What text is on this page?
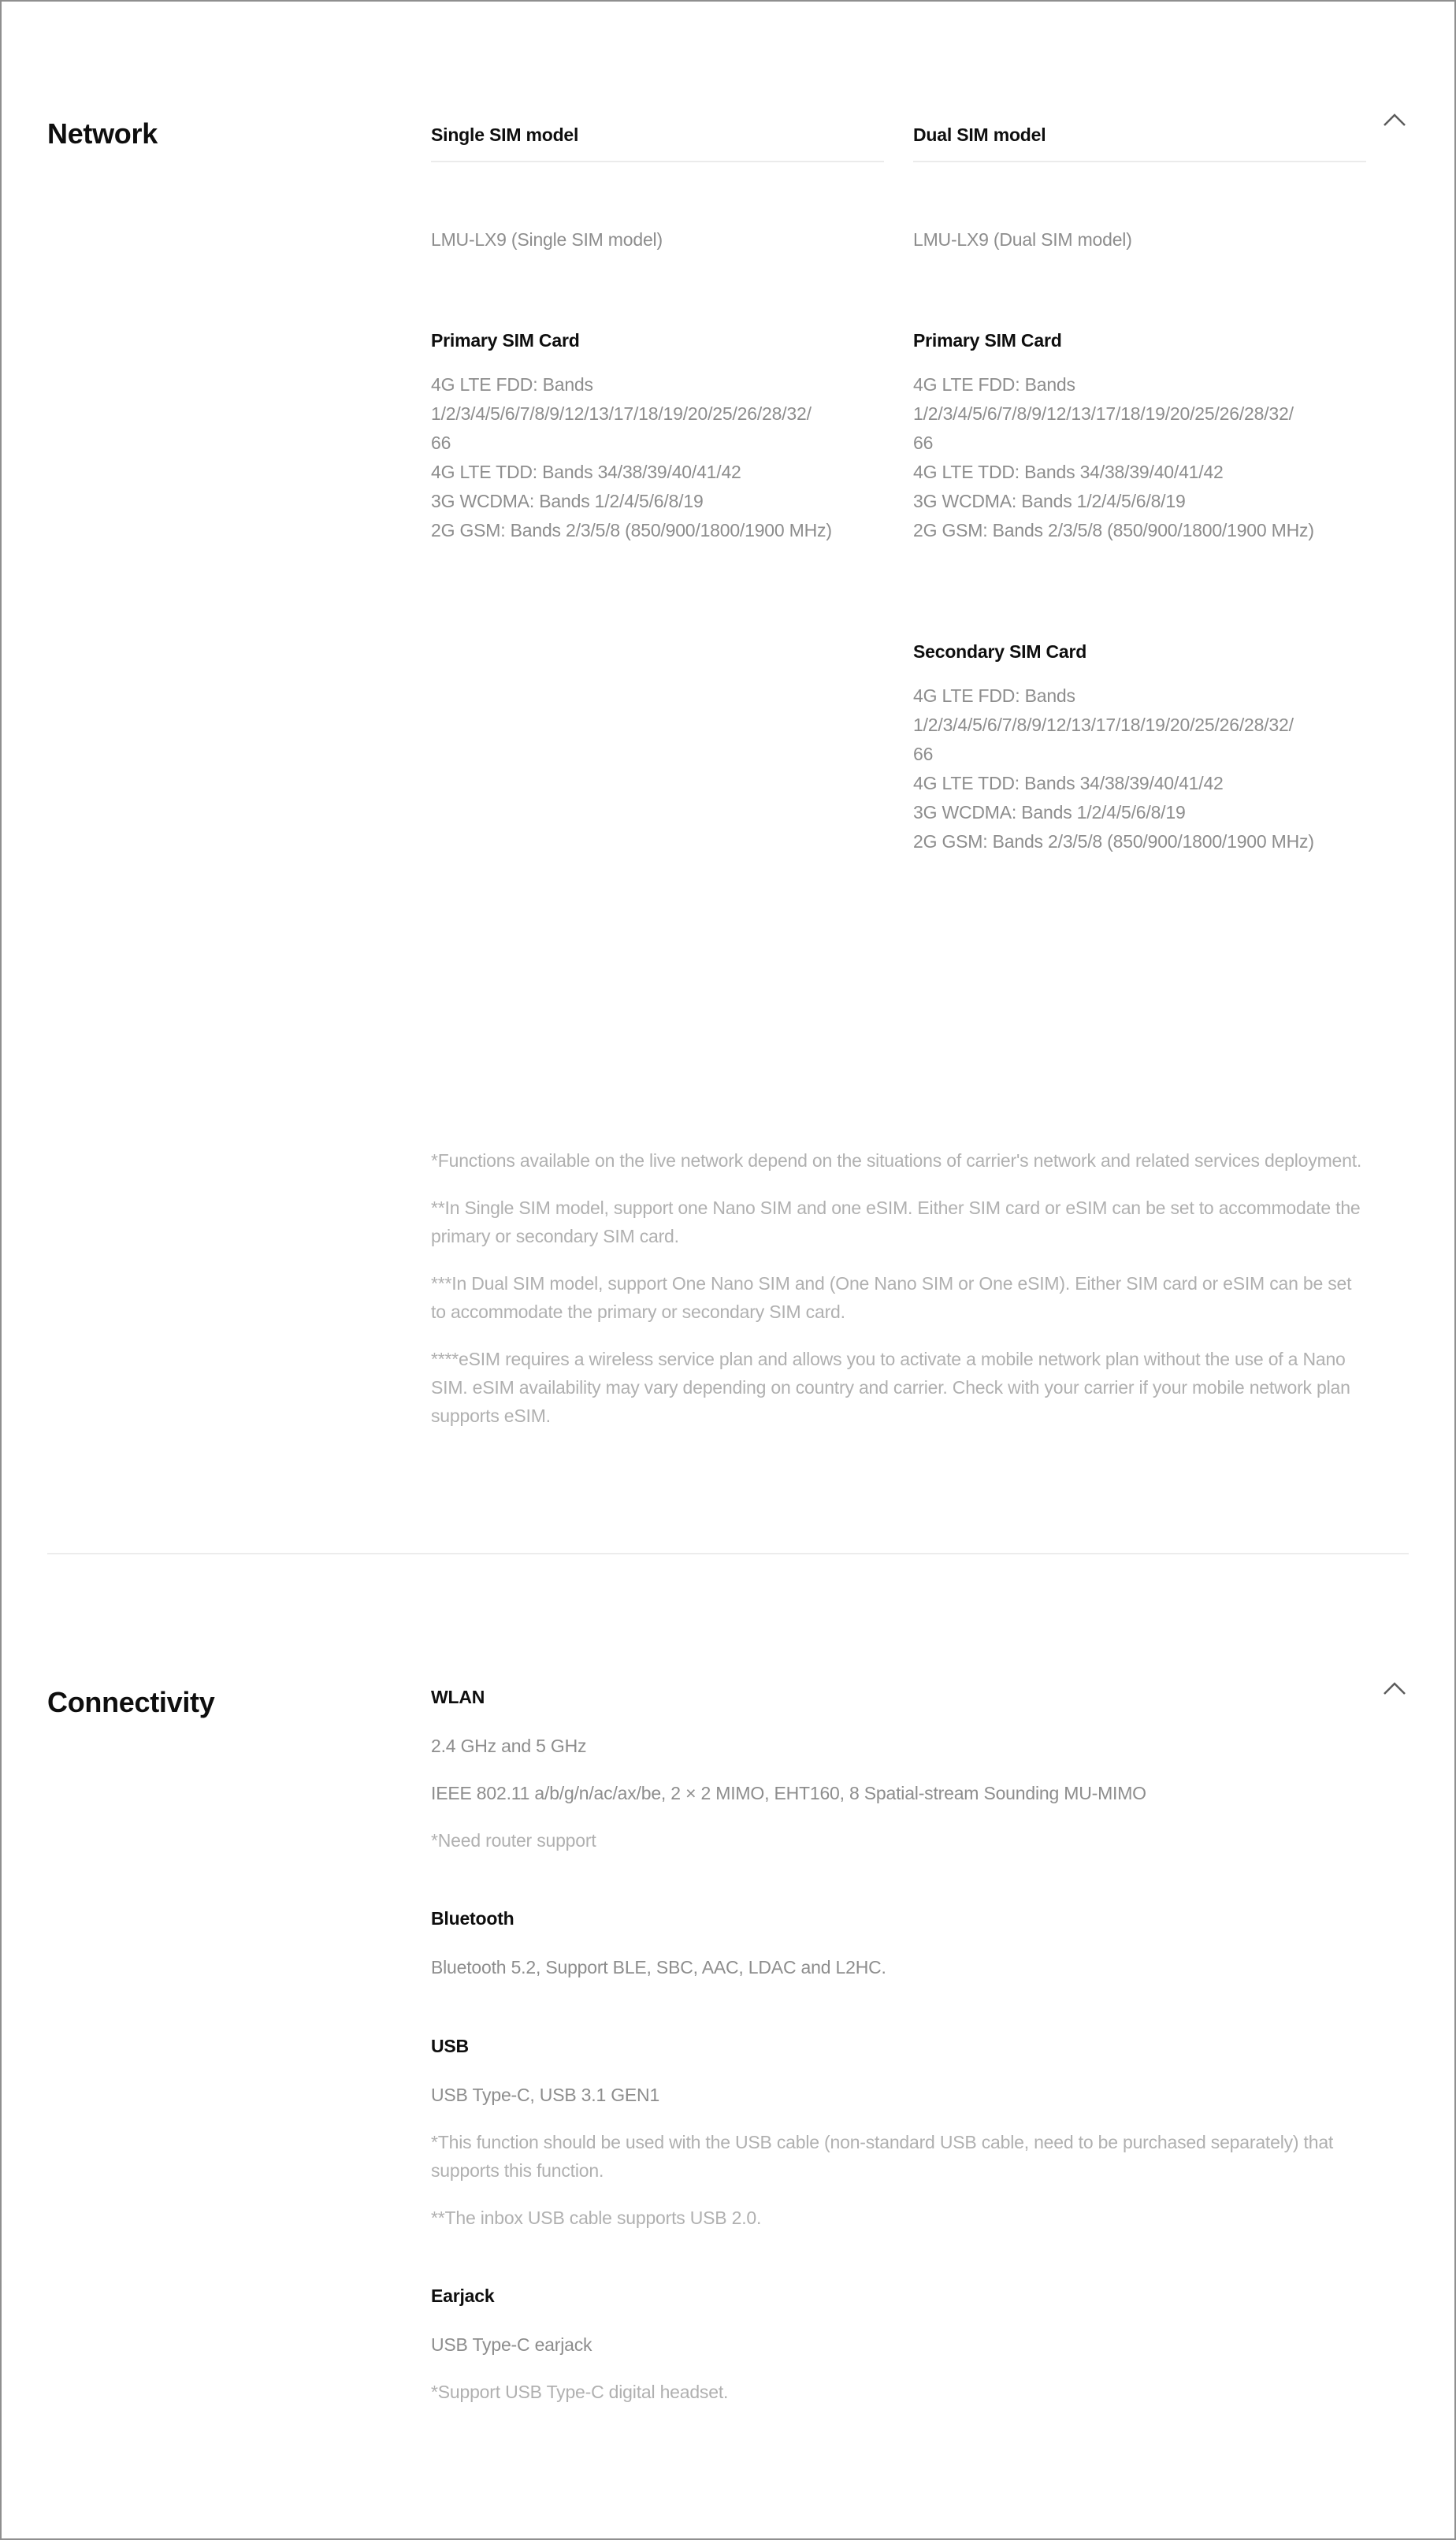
Network	Single SIM model

LMU-LX9 (Single SIM model)

Primary SIM Card
4G LTE FDD: Bands
1/2/3/4/5/6/7/8/9/12/13/17/18/19/20/25/26/28/32/
66
4G LTE TDD: Bands 34/38/39/40/41/42
3G WCDMA: Bands 1/2/4/5/6/8/19
2G GSM: Bands 2/3/5/8 (850/900/1800/1900 MHz)
Dual SIM model

LMU-LX9 (Dual SIM model)

Primary SIM Card
4G LTE FDD: Bands
1/2/3/4/5/6/7/8/9/12/13/17/18/19/20/25/26/28/32/
66
4G LTE TDD: Bands 34/38/39/40/41/42
3G WCDMA: Bands 1/2/4/5/6/8/19
2G GSM: Bands 2/3/5/8 (850/900/1800/1900 MHz)
Secondary SIM Card
4G LTE FDD: Bands
1/2/3/4/5/6/7/8/9/12/13/17/18/19/20/25/26/28/32/
66
4G LTE TDD: Bands 34/38/39/40/41/42
3G WCDMA: Bands 1/2/4/5/6/8/19
2G GSM: Bands 2/3/5/8 (850/900/1800/1900 MHz)

*Functions available on the live network depend on the situations of carrier's network and related services deployment.

**In Single SIM model, support one Nano SIM and one eSIM. Either SIM card or eSIM can be set to accommodate the primary or secondary SIM card.

***In Dual SIM model, support One Nano SIM and (One Nano SIM or One eSIM). Either SIM card or eSIM can be set to accommodate the primary or secondary SIM card.

****eSIM requires a wireless service plan and allows you to activate a mobile network plan without the use of a Nano SIM. eSIM availability may vary depending on country and carrier. Check with your carrier if your mobile network plan supports eSIM.

Connectivity	WLAN

2.4 GHz and 5 GHz

IEEE 802.11 a/b/g/n/ac/ax/be, 2 × 2 MIMO, EHT160, 8 Spatial-stream Sounding MU-MIMO

*Need router support

Bluetooth

Bluetooth 5.2, Support BLE, SBC, AAC, LDAC and L2HC.

USB

USB Type-C, USB 3.1 GEN1

*This function should be used with the USB cable (non-standard USB cable, need to be purchased separately) that supports this function.

**The inbox USB cable supports USB 2.0.

Earjack

USB Type-C earjack

*Support USB Type-C digital headset.
